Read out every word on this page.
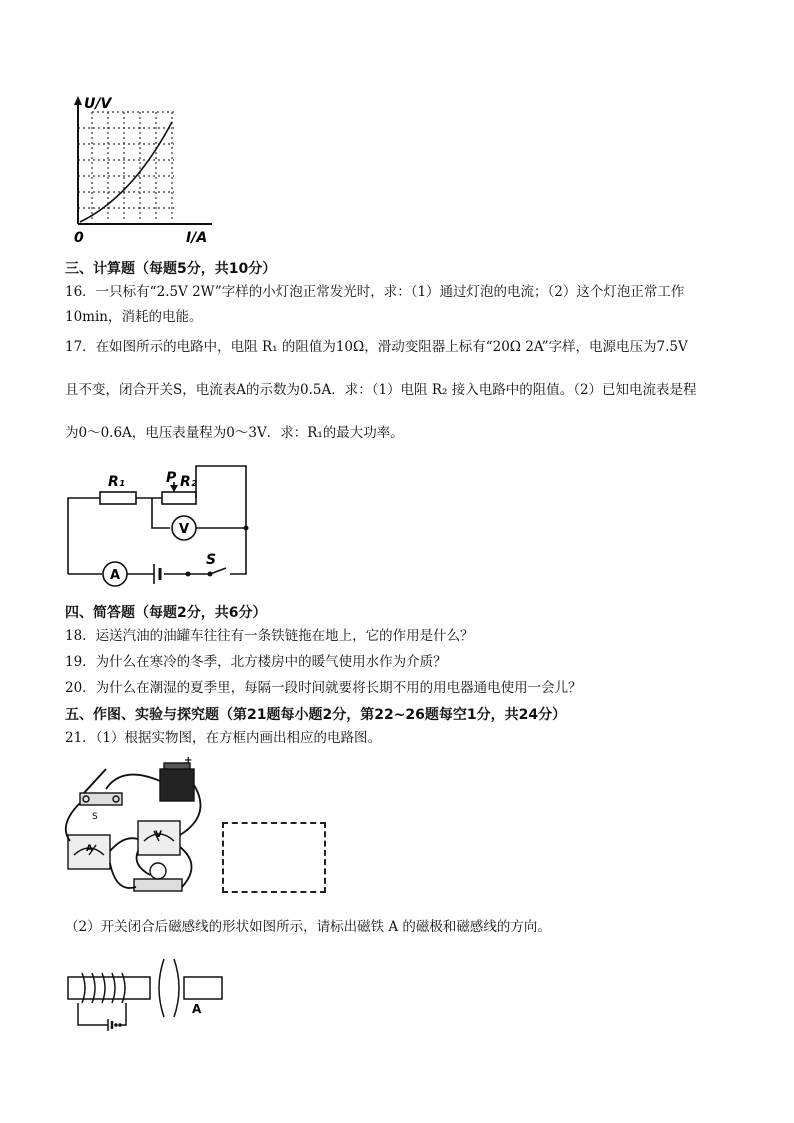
U/V
I/A
0
三、计算题（每题5分，共10分）
16．一只标有“2.5V 2W”字样的小灯泡正常发光时，求：（1）通过灯泡的电流；（2）这个灯泡正常工作
10min，消耗的电能。
17．在如图所示的电路中，电阻 R₁ 的阻值为10Ω，滑动变阻器上标有“20Ω 2A”字样，电源电压为7.5V
且不变，闭合开关S，电流表A的示数为0.5A．求：（1）电阻 R₂ 接入电路中的阻值。（2）已知电流表是程
为0～0.6A，电压表量程为0～3V．求：R₁的最大功率。
R₁	P R₂
V
A
S
四、简答题（每题2分，共6分）
18．运送汽油的油罐车往往有一条铁链拖在地上，它的作用是什么？
19．为什么在寒冷的冬季，北方楼房中的暖气使用水作为介质？
20．为什么在潮湿的夏季里，每隔一段时间就要将长期不用的用电器通电使用一会儿？
五、作图、实验与探究题（第21题每小题2分，第22~26题每空1分，共24分）
21．（1）根据实物图，在方框内画出相应的电路图。
+
S
A
V
（2）开关闭合后磁感线的形状如图所示，请标出磁铁 A 的磁极和磁感线的方向。
A
